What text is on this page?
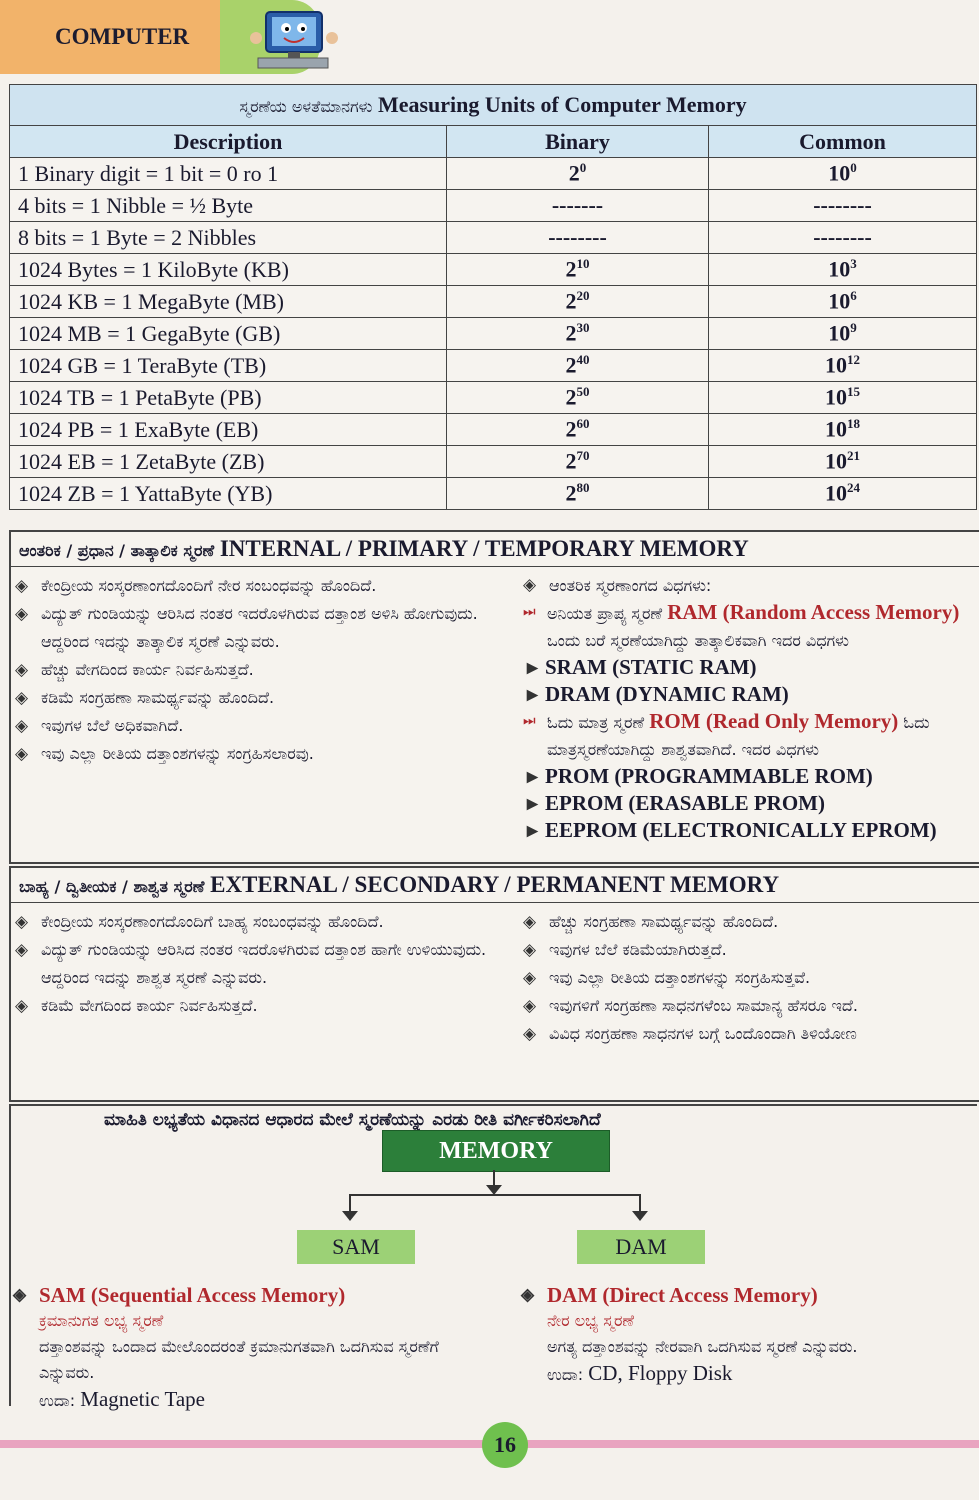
COMPUTER
ಸ್ಮರಣೆಯ ಅಳತೆಮಾನಗಳು Measuring Units of Computer Memory		
Description	Binary	Common
1 Binary digit = 1 bit = 0 ro 1	$2^0$	$10^0$
4 bits = 1 Nibble = ½ Byte	-------	--------
8 bits = 1 Byte = 2 Nibbles	--------	--------
1024 Bytes = 1 KiloByte (KB)	$2^{10}$	$10^3$
1024 KB = 1 MegaByte (MB)	$2^{20}$	$10^6$
1024 MB = 1 GegaByte (GB)	$2^{30}$	$10^9$
1024 GB = 1 TeraByte (TB)	$2^{40}$	$10^{12}$
1024 TB = 1 PetaByte (PB)	$2^{50}$	$10^{15}$
1024 PB = 1 ExaByte (EB)	$2^{60}$	$10^{18}$
1024 EB = 1 ZetaByte (ZB)	$2^{70}$	$10^{21}$
1024 ZB = 1 YattaByte (YB)	$2^{80}$	$10^{24}$
ಆಂತರಿಕ / ಪ್ರಧಾನ / ತಾತ್ಕಾಲಿಕ ಸ್ಮರಣೆ INTERNAL / PRIMARY / TEMPORARY MEMORY
◈ ಕೇಂದ್ರೀಯ ಸಂಸ್ಕರಣಾಂಗದೊಂದಿಗೆ ನೇರ ಸಂಬಂಧವನ್ನು ಹೊಂದಿದೆ.
◈ ವಿದ್ಯುತ್ ಗುಂಡಿಯನ್ನು ಆರಿಸಿದ ನಂತರ ಇದರೊಳಗಿರುವ ದತ್ತಾಂಶ ಅಳಿಸಿ ಹೋಗುವುದು. ಆದ್ದರಿಂದ ಇದನ್ನು ತಾತ್ಕಾಲಿಕ ಸ್ಮರಣೆ ಎನ್ನುವರು.
◈ ಹೆಚ್ಚು ವೇಗದಿಂದ ಕಾರ್ಯ ನಿರ್ವಹಿಸುತ್ತದೆ.
◈ ಕಡಿಮೆ ಸಂಗ್ರಹಣಾ ಸಾಮರ್ಥ್ಯವನ್ನು ಹೊಂದಿದೆ.
◈ ಇವುಗಳ ಬೆಲೆ ಅಧಿಕವಾಗಿದೆ.
◈ ಇವು ಎಲ್ಲಾ ರೀತಿಯ ದತ್ತಾಂಶಗಳನ್ನು ಸಂಗ್ರಹಿಸಲಾರವು.
◈ ಆಂತರಿಕ ಸ್ಮರಣಾಂಗದ ವಿಧಗಳು:
⏭ ಅನಿಯತ ಪ್ರಾಪ್ಯ ಸ್ಮರಣೆ RAM (Random Access Memory) ಒಂದು ಬರೆ ಸ್ಮರಣೆಯಾಗಿದ್ದು ತಾತ್ಕಾಲಿಕವಾಗಿ ಇದರ ವಿಧಗಳು
▸ SRAM (STATIC RAM)
▸ DRAM (DYNAMIC RAM)
⏭ ಓದು ಮಾತ್ರ ಸ್ಮರಣೆ ROM (Read Only Memory) ಓದು ಮಾತ್ರಸ್ಮರಣೆಯಾಗಿದ್ದು ಶಾಶ್ವತವಾಗಿದೆ. ಇದರ ವಿಧಗಳು
▸ PROM (PROGRAMMABLE ROM)
▸ EPROM (ERASABLE PROM)
▸ EEPROM (ELECTRONICALLY EPROM)
ಬಾಹ್ಯ / ದ್ವಿತೀಯಕ / ಶಾಶ್ವತ ಸ್ಮರಣೆ EXTERNAL / SECONDARY / PERMANENT MEMORY
◈ ಕೇಂದ್ರೀಯ ಸಂಸ್ಕರಣಾಂಗದೊಂದಿಗೆ ಬಾಹ್ಯ ಸಂಬಂಧವನ್ನು ಹೊಂದಿದೆ.
◈ ವಿದ್ಯುತ್ ಗುಂಡಿಯನ್ನು ಆರಿಸಿದ ನಂತರ ಇದರೊಳಗಿರುವ ದತ್ತಾಂಶ ಹಾಗೇ ಉಳಿಯುವುದು. ಆದ್ದರಿಂದ ಇದನ್ನು ಶಾಶ್ವತ ಸ್ಮರಣೆ ಎನ್ನುವರು.
◈ ಕಡಿಮೆ ವೇಗದಿಂದ ಕಾರ್ಯ ನಿರ್ವಹಿಸುತ್ತದೆ.
◈ ಹೆಚ್ಚು ಸಂಗ್ರಹಣಾ ಸಾಮರ್ಥ್ಯವನ್ನು ಹೊಂದಿದೆ.
◈ ಇವುಗಳ ಬೆಲೆ ಕಡಿಮೆಯಾಗಿರುತ್ತದೆ.
◈ ಇವು ಎಲ್ಲಾ ರೀತಿಯ ದತ್ತಾಂಶಗಳನ್ನು ಸಂಗ್ರಹಿಸುತ್ತವೆ.
◈ ಇವುಗಳಿಗೆ ಸಂಗ್ರಹಣಾ ಸಾಧನಗಳೆಂಬ ಸಾಮಾನ್ಯ ಹೆಸರೂ ಇದೆ.
◈ ವಿವಿಧ ಸಂಗ್ರಹಣಾ ಸಾಧನಗಳ ಬಗ್ಗೆ ಒಂದೊಂದಾಗಿ ತಿಳಿಯೋಣ
ಮಾಹಿತಿ ಲಭ್ಯತೆಯ ವಿಧಾನದ ಆಧಾರದ ಮೇಲೆ ಸ್ಮರಣೆಯನ್ನು ಎರಡು ರೀತಿ ವರ್ಗೀಕರಿಸಲಾಗಿದೆ
MEMORY
SAM	DAM
◈ SAM (Sequential Access Memory)
ಕ್ರಮಾನುಗತ ಲಭ್ಯ ಸ್ಮರಣೆ
ದತ್ತಾಂಶವನ್ನು ಒಂದಾದ ಮೇಲೊಂದರಂತೆ ಕ್ರಮಾನುಗತವಾಗಿ ಒದಗಿಸುವ ಸ್ಮರಣೆಗೆ ಎನ್ನುವರು.
ಉದಾ: Magnetic Tape
◈ DAM (Direct Access Memory)
ನೇರ ಲಭ್ಯ ಸ್ಮರಣೆ
ಅಗತ್ಯ ದತ್ತಾಂಶವನ್ನು ನೇರವಾಗಿ ಒದಗಿಸುವ ಸ್ಮರಣೆ ಎನ್ನುವರು.
ಉದಾ: CD, Floppy Disk
16
